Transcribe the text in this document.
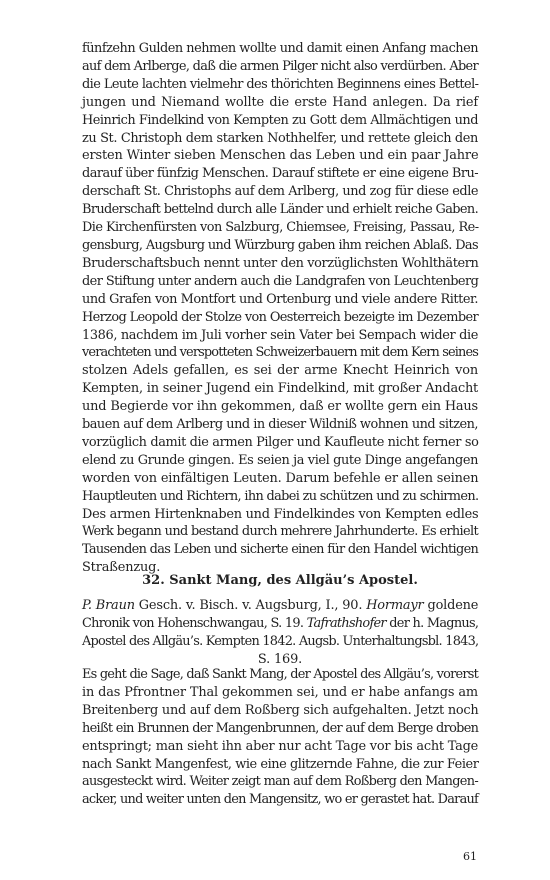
fünfzehn Gulden nehmen wollte und damit einen Anfang machen
auf dem Arlberge, daß die armen Pilger nicht also verdürben. Aber
die Leute lachten vielmehr des thörichten Beginnens eines Bettel-
jungen und Niemand wollte die erste Hand anlegen. Da rief
Heinrich Findelkind von Kempten zu Gott dem Allmächtigen und
zu St. Christoph dem starken Nothhelfer, und rettete gleich den
ersten Winter sieben Menschen das Leben und ein paar Jahre
darauf über fünfzig Menschen. Darauf stiftete er eine eigene Bru-
derschaft St. Christophs auf dem Arlberg, und zog für diese edle
Bruderschaft bettelnd durch alle Länder und erhielt reiche Gaben.
Die Kirchenfürsten von Salzburg, Chiemsee, Freising, Passau, Re-
gensburg, Augsburg und Würzburg gaben ihm reichen Ablaß. Das
Bruderschaftsbuch nennt unter den vorzüglichsten Wohlthätern
der Stiftung unter andern auch die Landgrafen von Leuchtenberg
und Grafen von Montfort und Ortenburg und viele andere Ritter.
Herzog Leopold der Stolze von Oesterreich bezeigte im Dezember
1386, nachdem im Juli vorher sein Vater bei Sempach wider die
verachteten und verspotteten Schweizerbauern mit dem Kern seines
stolzen Adels gefallen, es sei der arme Knecht Heinrich von
Kempten, in seiner Jugend ein Findelkind, mit großer Andacht
und Begierde vor ihn gekommen, daß er wollte gern ein Haus
bauen auf dem Arlberg und in dieser Wildniß wohnen und sitzen,
vorzüglich damit die armen Pilger und Kaufleute nicht ferner so
elend zu Grunde gingen. Es seien ja viel gute Dinge angefangen
worden von einfältigen Leuten. Darum befehle er allen seinen
Hauptleuten und Richtern, ihn dabei zu schützen und zu schirmen.
Des armen Hirtenknaben und Findelkindes von Kempten edles
Werk begann und bestand durch mehrere Jahrhunderte. Es erhielt
Tausenden das Leben und sicherte einen für den Handel wichtigen
Straßenzug.
32. Sankt Mang, des Allgäu’s Apostel.
P. Braun Gesch. v. Bisch. v. Augsburg, I., 90. Hormayr goldene
Chronik von Hohenschwangau, S. 19. Tafrathshofer der h. Magnus,
Apostel des Allgäu’s. Kempten 1842. Augsb. Unterhaltungsbl. 1843,
S. 169.
Es geht die Sage, daß Sankt Mang, der Apostel des Allgäu’s, vorerst
in das Pfrontner Thal gekommen sei, und er habe anfangs am
Breitenberg und auf dem Roßberg sich aufgehalten. Jetzt noch
heißt ein Brunnen der Mangenbrunnen, der auf dem Berge droben
entspringt; man sieht ihn aber nur acht Tage vor bis acht Tage
nach Sankt Mangenfest, wie eine glitzernde Fahne, die zur Feier
ausgesteckt wird. Weiter zeigt man auf dem Roßberg den Mangen-
acker, und weiter unten den Mangensitz, wo er gerastet hat. Darauf
61
